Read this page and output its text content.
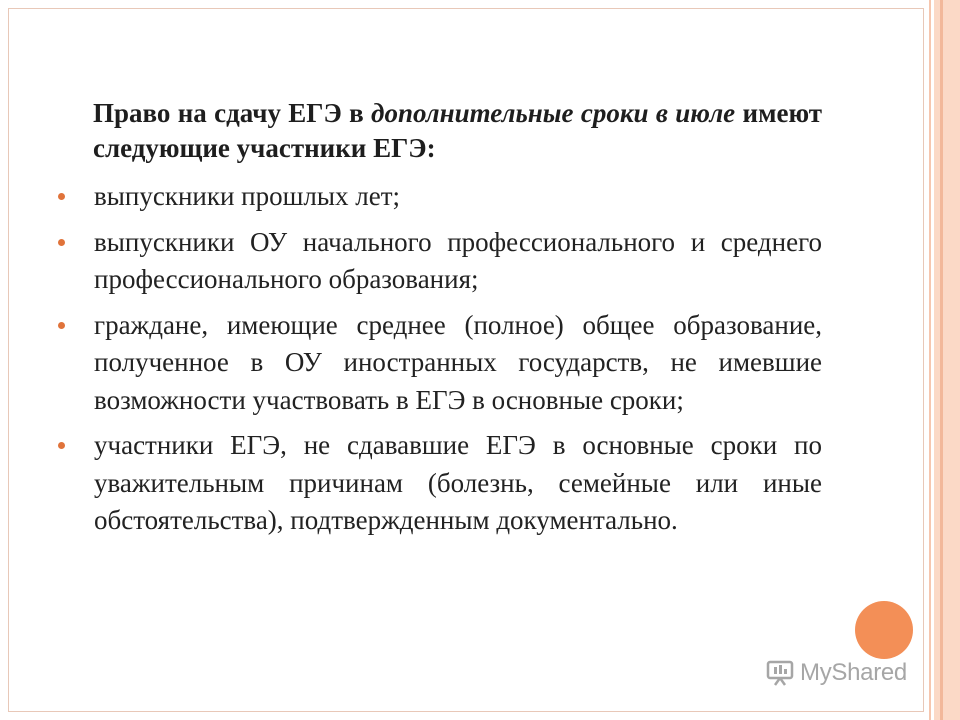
Право на сдачу ЕГЭ в дополнительные сроки в июле имеют следующие участники ЕГЭ:

выпускники прошлых лет;
выпускники ОУ начального профессионального и среднего профессионального образования;
граждане, имеющие среднее (полное) общее образование, полученное в ОУ иностранных государств, не имевшие возможности участвовать в ЕГЭ в основные сроки;
участники ЕГЭ, не сдававшие ЕГЭ в основные сроки по уважительным причинам (болезнь, семейные или иные обстоятельства), подтвержденным документально.
MyShared
